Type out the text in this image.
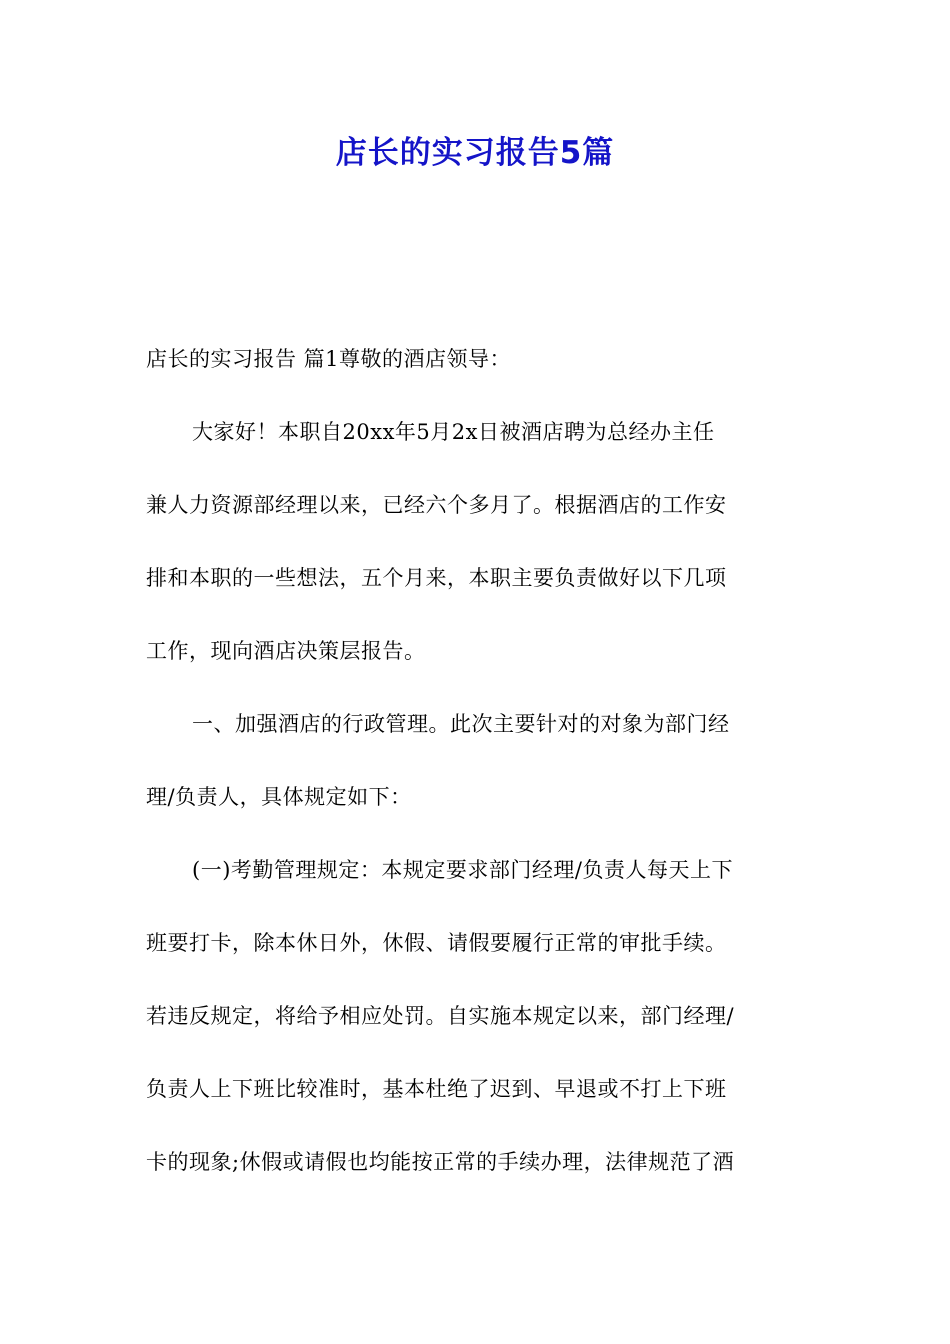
店长的实习报告5篇
店长的实习报告 篇1尊敬的酒店领导：
大家好！本职自20xx年5月2x日被酒店聘为总经办主任
兼人力资源部经理以来，已经六个多月了。根据酒店的工作安
排和本职的一些想法，五个月来，本职主要负责做好以下几项
工作，现向酒店决策层报告。
一、加强酒店的行政管理。此次主要针对的对象为部门经
理/负责人，具体规定如下：
(一)考勤管理规定：本规定要求部门经理/负责人每天上下
班要打卡，除本休日外，休假、请假要履行正常的审批手续。
若违反规定，将给予相应处罚。自实施本规定以来，部门经理/
负责人上下班比较准时，基本杜绝了迟到、早退或不打上下班
卡的现象;休假或请假也均能按正常的手续办理，法律规范了酒
